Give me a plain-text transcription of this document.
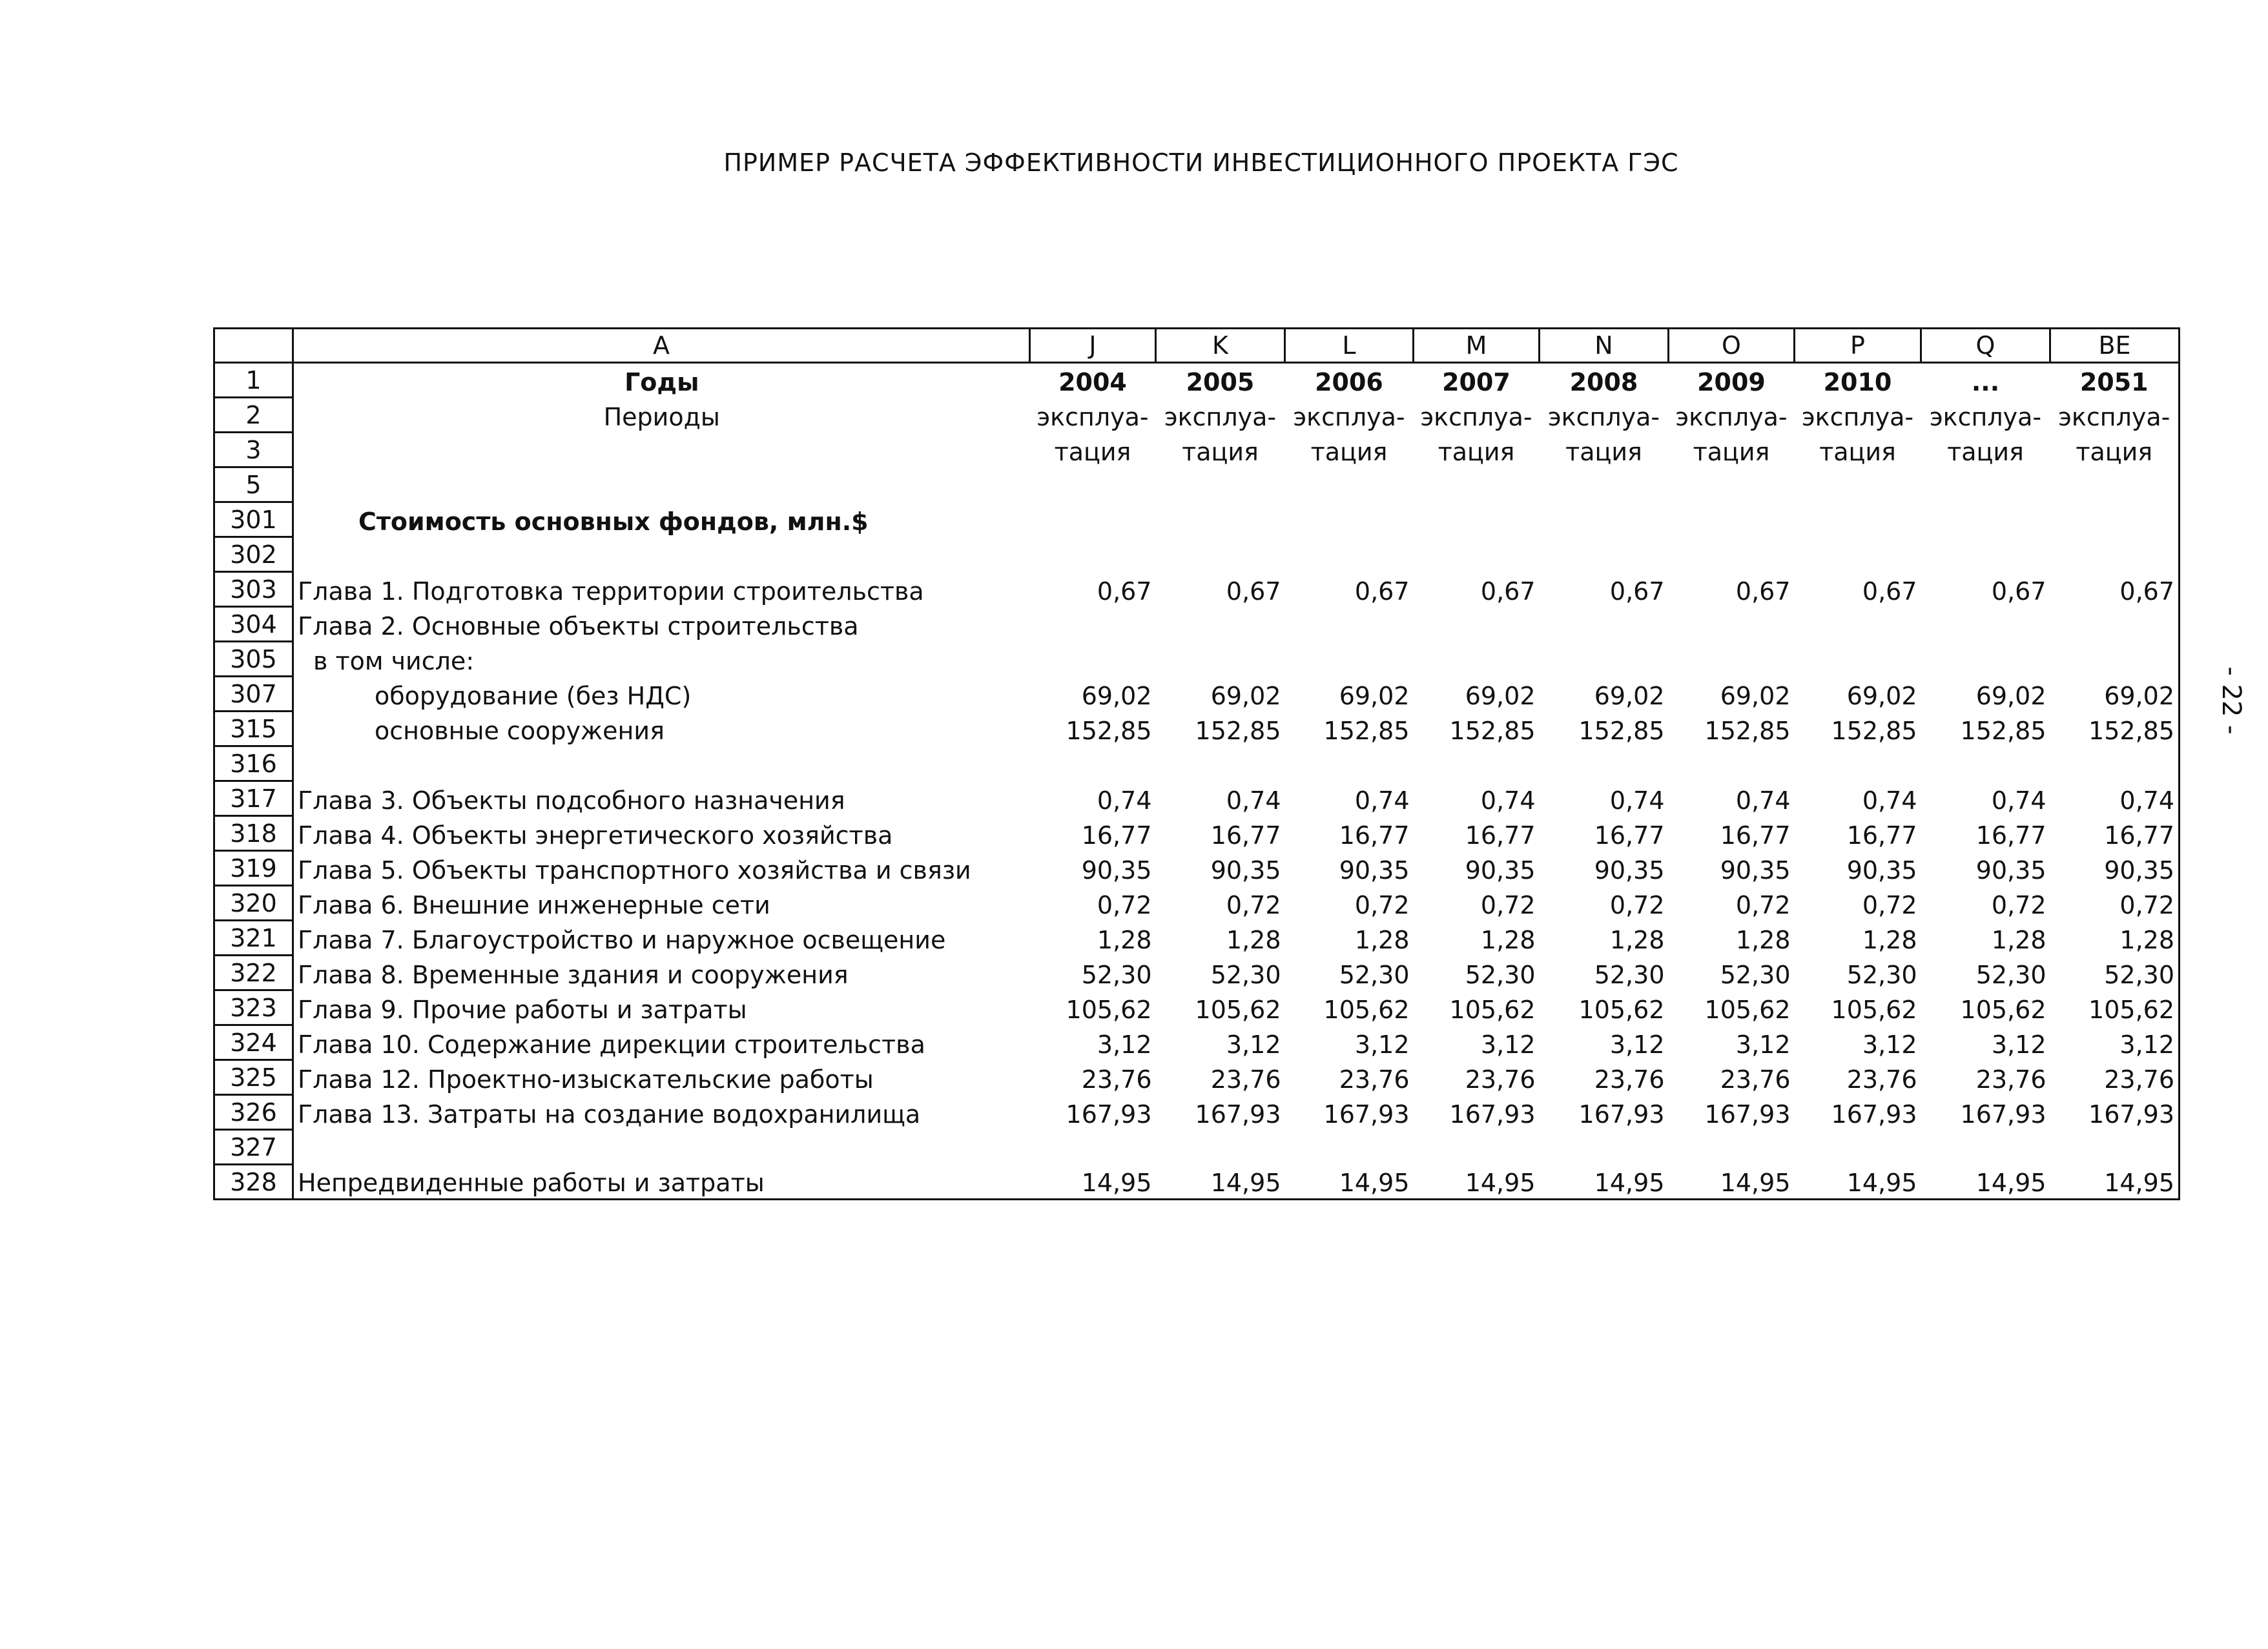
ПРИМЕР РАСЧЕТА ЭФФЕКТИВНОСТИ ИНВЕСТИЦИОННОГО ПРОЕКТА ГЭС
- 22 -
	A	J	K	L	M	N	O	P	Q	BE
1	Годы	2004	2005	2006	2007	2008	2009	2010	...	2051
2	Периоды	эксплуа-	эксплуа-	эксплуа-	эксплуа-	эксплуа-	эксплуа-	эксплуа-	эксплуа-	эксплуа-
3		тация	тация	тация	тация	тация	тация	тация	тация	тация
5										
301	Стоимость основных фондов, млн.$									
302										
303	Глава 1. Подготовка территории строительства	0,67	0,67	0,67	0,67	0,67	0,67	0,67	0,67	0,67
304	Глава 2. Основные объекты строительства									
305	в том числе:									
307	оборудование (без НДС)	69,02	69,02	69,02	69,02	69,02	69,02	69,02	69,02	69,02
315	основные сооружения	152,85	152,85	152,85	152,85	152,85	152,85	152,85	152,85	152,85
316										
317	Глава 3. Объекты подсобного назначения	0,74	0,74	0,74	0,74	0,74	0,74	0,74	0,74	0,74
318	Глава 4. Объекты энергетического хозяйства	16,77	16,77	16,77	16,77	16,77	16,77	16,77	16,77	16,77
319	Глава 5. Объекты транспортного хозяйства и связи	90,35	90,35	90,35	90,35	90,35	90,35	90,35	90,35	90,35
320	Глава 6. Внешние инженерные сети	0,72	0,72	0,72	0,72	0,72	0,72	0,72	0,72	0,72
321	Глава 7. Благоустройство и наружное освещение	1,28	1,28	1,28	1,28	1,28	1,28	1,28	1,28	1,28
322	Глава 8. Временные здания и сооружения	52,30	52,30	52,30	52,30	52,30	52,30	52,30	52,30	52,30
323	Глава 9. Прочие работы и затраты	105,62	105,62	105,62	105,62	105,62	105,62	105,62	105,62	105,62
324	Глава 10. Содержание дирекции строительства	3,12	3,12	3,12	3,12	3,12	3,12	3,12	3,12	3,12
325	Глава 12. Проектно-изыскательские работы	23,76	23,76	23,76	23,76	23,76	23,76	23,76	23,76	23,76
326	Глава 13. Затраты на создание водохранилища	167,93	167,93	167,93	167,93	167,93	167,93	167,93	167,93	167,93
327										
328	Непредвиденные работы и затраты	14,95	14,95	14,95	14,95	14,95	14,95	14,95	14,95	14,95
